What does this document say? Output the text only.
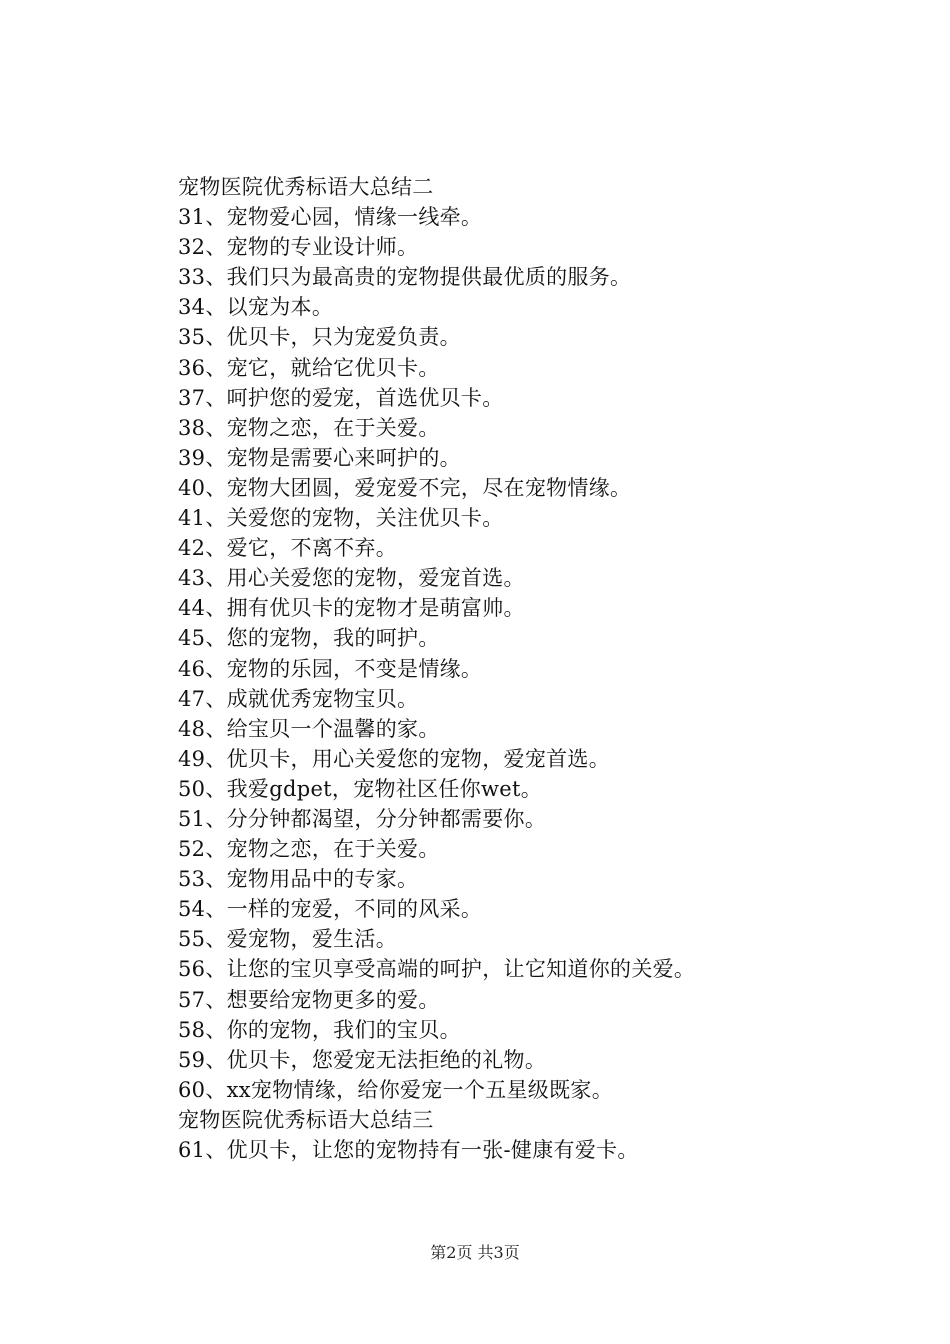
宠物医院优秀标语大总结二
31、宠物爱心园，情缘一线牵。
32、宠物的专业设计师。
33、我们只为最高贵的宠物提供最优质的服务。
34、以宠为本。
35、优贝卡，只为宠爱负责。
36、宠它，就给它优贝卡。
37、呵护您的爱宠，首选优贝卡。
38、宠物之恋，在于关爱。
39、宠物是需要心来呵护的。
40、宠物大团圆，爱宠爱不完，尽在宠物情缘。
41、关爱您的宠物，关注优贝卡。
42、爱它，不离不弃。
43、用心关爱您的宠物，爱宠首选。
44、拥有优贝卡的宠物才是萌富帅。
45、您的宠物，我的呵护。
46、宠物的乐园，不变是情缘。
47、成就优秀宠物宝贝。
48、给宝贝一个温馨的家。
49、优贝卡，用心关爱您的宠物，爱宠首选。
50、我爱gdpet，宠物社区任你wet。
51、分分钟都渴望，分分钟都需要你。
52、宠物之恋，在于关爱。
53、宠物用品中的专家。
54、一样的宠爱，不同的风采。
55、爱宠物，爱生活。
56、让您的宝贝享受高端的呵护，让它知道你的关爱。
57、想要给宠物更多的爱。
58、你的宠物，我们的宝贝。
59、优贝卡，您爱宠无法拒绝的礼物。
60、xx宠物情缘，给你爱宠一个五星级既家。
宠物医院优秀标语大总结三
61、优贝卡，让您的宠物持有一张-健康有爱卡。
第2页 共3页
